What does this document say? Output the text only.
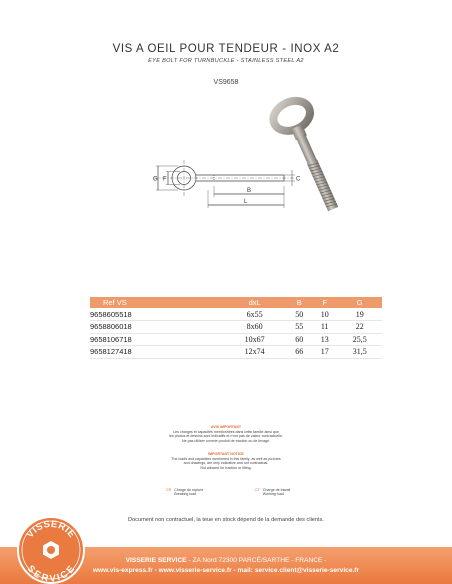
VIS A OEIL POUR TENDEUR - INOX A2
EYE BOLT FOR TURNBUCKLE - STAINLESS STEEL A2
VS9658
G F
B
L
C
Ref VS	dxL	B	F	G
9658605518	6x55	50	10	19
9658806018	8x60	55	11	22
9658106718	10x67	60	13	25,5
9658127418	12x74	66	17	31,5
AVIS IMPORTANT
Les charges et capacités mentionnées dans cette famille ainsi que
les photos et dessins sont indicatifs et n'ont pas de valeur contractuelle.
Ne pas utiliser comme produit de traction ou de levage.
IMPORTANT NOTICE
The loads and capacities mentioned in this family, as well as pictures
and drawings, are only indicative and not contractual.
Not allowed for traction or lifting.
CR Charge de rupture
Breaking load
CT Charge de travail
Working load
Document non contractuel, la teue en stock dépend de la demande des clients.
VISSERIE SERVICE - ZA Nord 72300 PARCÉ/SARTHE - FRANCE -
www.vis-express.fr - www.visserie-service.fr - mail: service.client@visserie-service.fr
VISSERIE
SERVICE
